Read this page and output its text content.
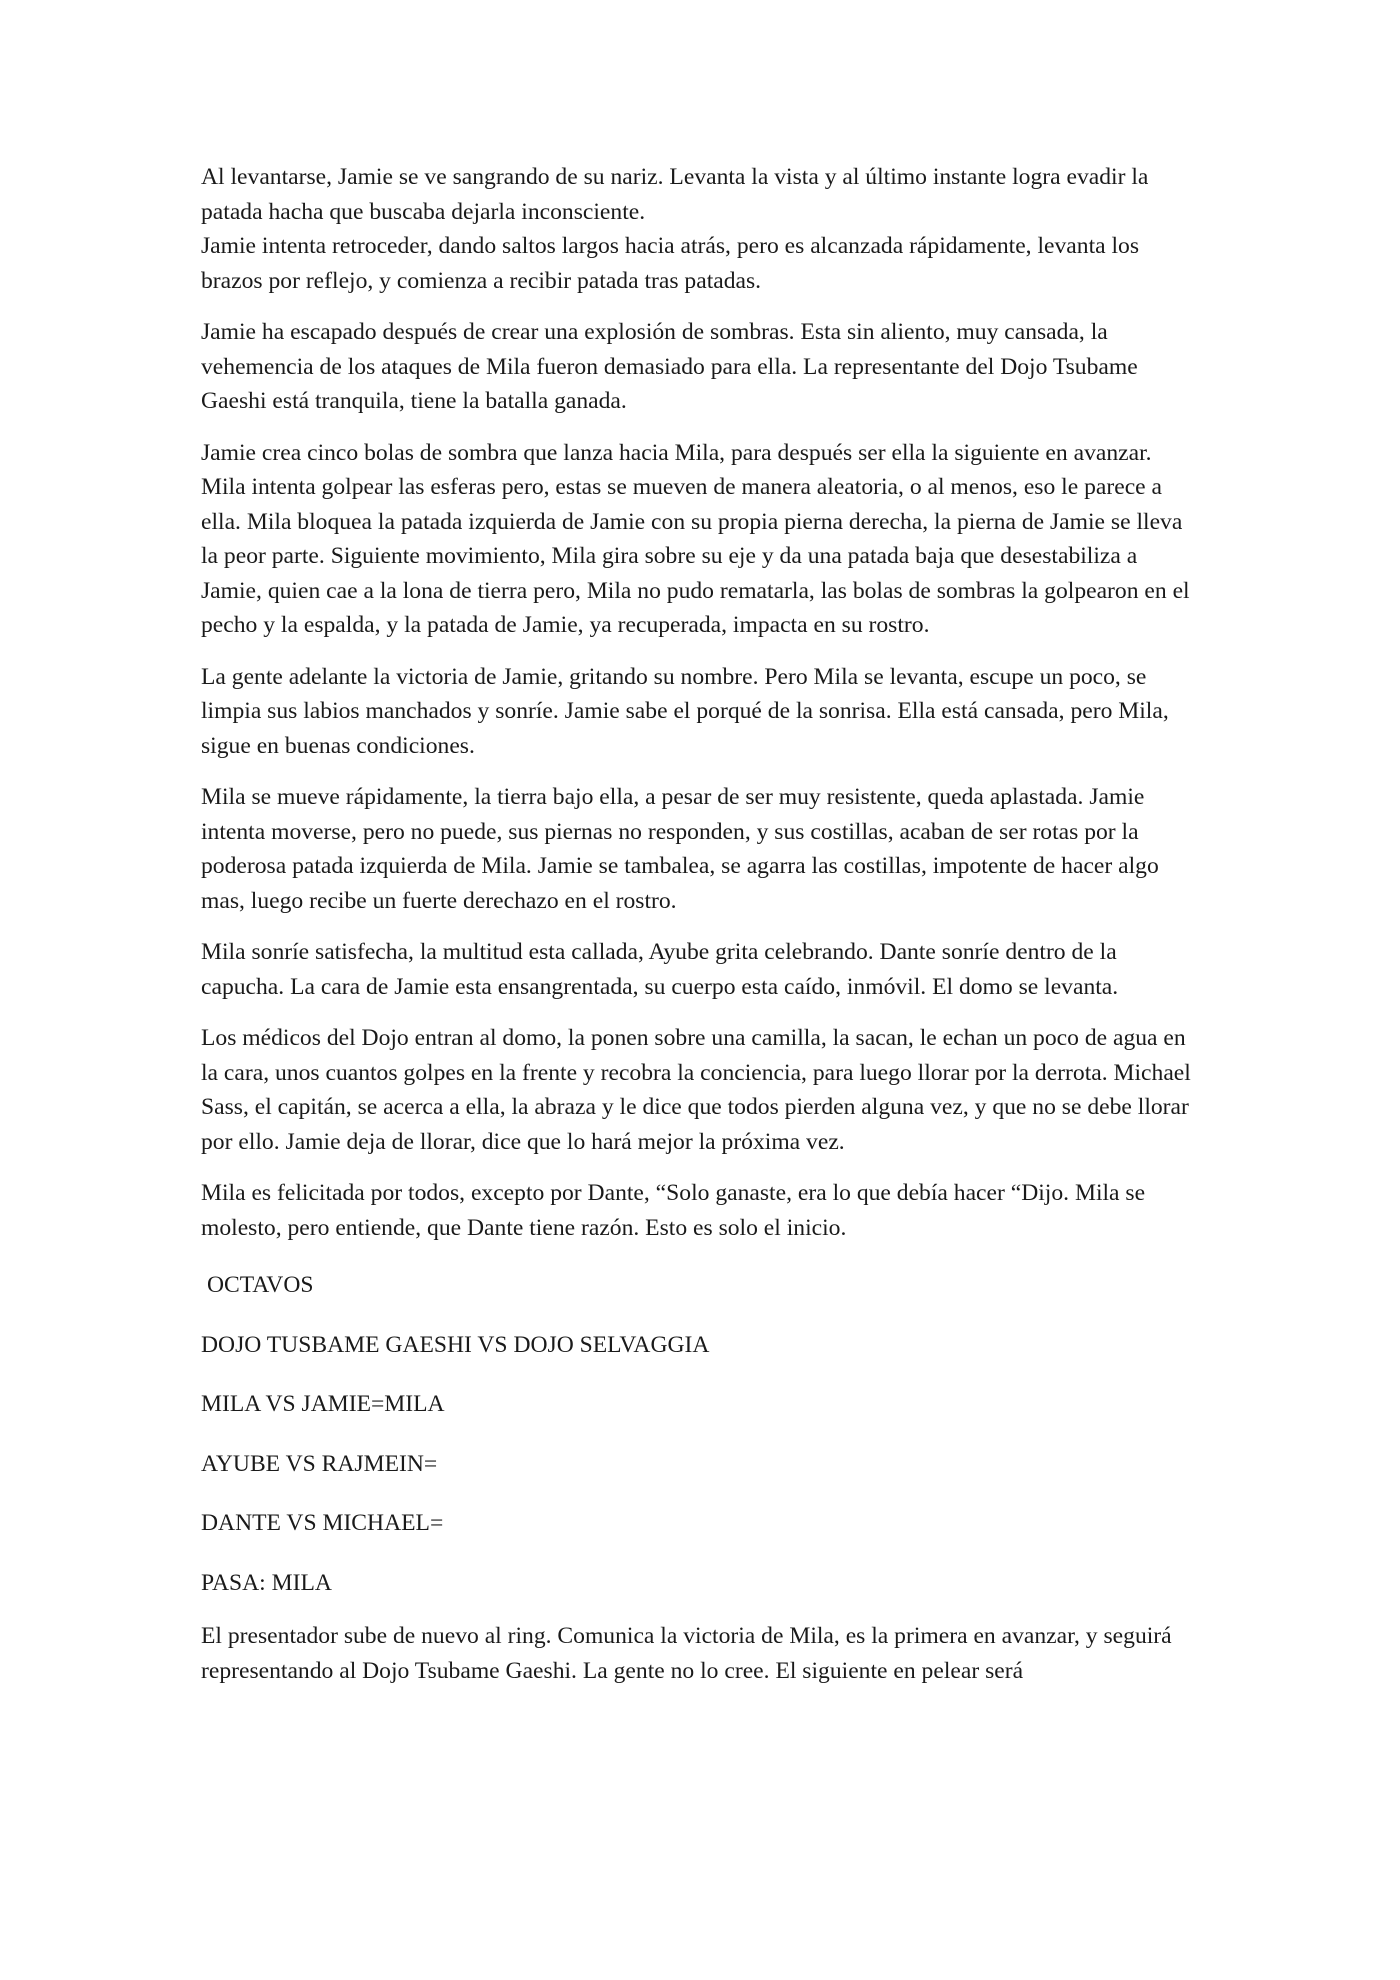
Al levantarse, Jamie se ve sangrando de su nariz. Levanta la vista y al último instante logra evadir la patada hacha que buscaba dejarla inconsciente.
Jamie intenta retroceder, dando saltos largos hacia atrás, pero es alcanzada rápidamente, levanta los brazos por reflejo, y comienza a recibir patada tras patadas.

Jamie ha escapado después de crear una explosión de sombras. Esta sin aliento, muy cansada, la vehemencia de los ataques de Mila fueron demasiado para ella. La representante del Dojo Tsubame Gaeshi está tranquila, tiene la batalla ganada.

Jamie crea cinco bolas de sombra que lanza hacia Mila, para después ser ella la siguiente en avanzar. Mila intenta golpear las esferas pero, estas se mueven de manera aleatoria, o al menos, eso le parece a ella. Mila bloquea la patada izquierda de Jamie con su propia pierna derecha, la pierna de Jamie se lleva la peor parte. Siguiente movimiento, Mila gira sobre su eje y da una patada baja que desestabiliza a Jamie, quien cae a la lona de tierra pero, Mila no pudo rematarla, las bolas de sombras la golpearon en el pecho y la espalda, y la patada de Jamie, ya recuperada, impacta en su rostro.

La gente adelante la victoria de Jamie, gritando su nombre. Pero Mila se levanta, escupe un poco, se limpia sus labios manchados y sonríe. Jamie sabe el porqué de la sonrisa. Ella está cansada, pero Mila, sigue en buenas condiciones.

Mila se mueve rápidamente, la tierra bajo ella, a pesar de ser muy resistente, queda aplastada. Jamie intenta moverse, pero no puede, sus piernas no responden, y sus costillas, acaban de ser rotas por la poderosa patada izquierda de Mila. Jamie se tambalea, se agarra las costillas, impotente de hacer algo mas, luego recibe un fuerte derechazo en el rostro.

Mila sonríe satisfecha, la multitud esta callada, Ayube grita celebrando. Dante sonríe dentro de la capucha. La cara de Jamie esta ensangrentada, su cuerpo esta caído, inmóvil. El domo se levanta.

Los médicos del Dojo entran al domo, la ponen sobre una camilla, la sacan, le echan un poco de agua en la cara, unos cuantos golpes en la frente y recobra la conciencia, para luego llorar por la derrota. Michael Sass, el capitán, se acerca a ella, la abraza y le dice que todos pierden alguna vez, y que no se debe llorar por ello. Jamie deja de llorar, dice que lo hará mejor la próxima vez.

Mila es felicitada por todos, excepto por Dante, “Solo ganaste, era lo que debía hacer “Dijo. Mila se molesto, pero entiende, que Dante tiene razón. Esto es solo el inicio.

OCTAVOS

DOJO TUSBAME GAESHI VS DOJO SELVAGGIA

MILA VS JAMIE=MILA

AYUBE VS RAJMEIN=

DANTE VS MICHAEL=

PASA: MILA

El presentador sube de nuevo al ring. Comunica la victoria de Mila, es la primera en avanzar, y seguirá representando al Dojo Tsubame Gaeshi. La gente no lo cree. El siguiente en pelear será
